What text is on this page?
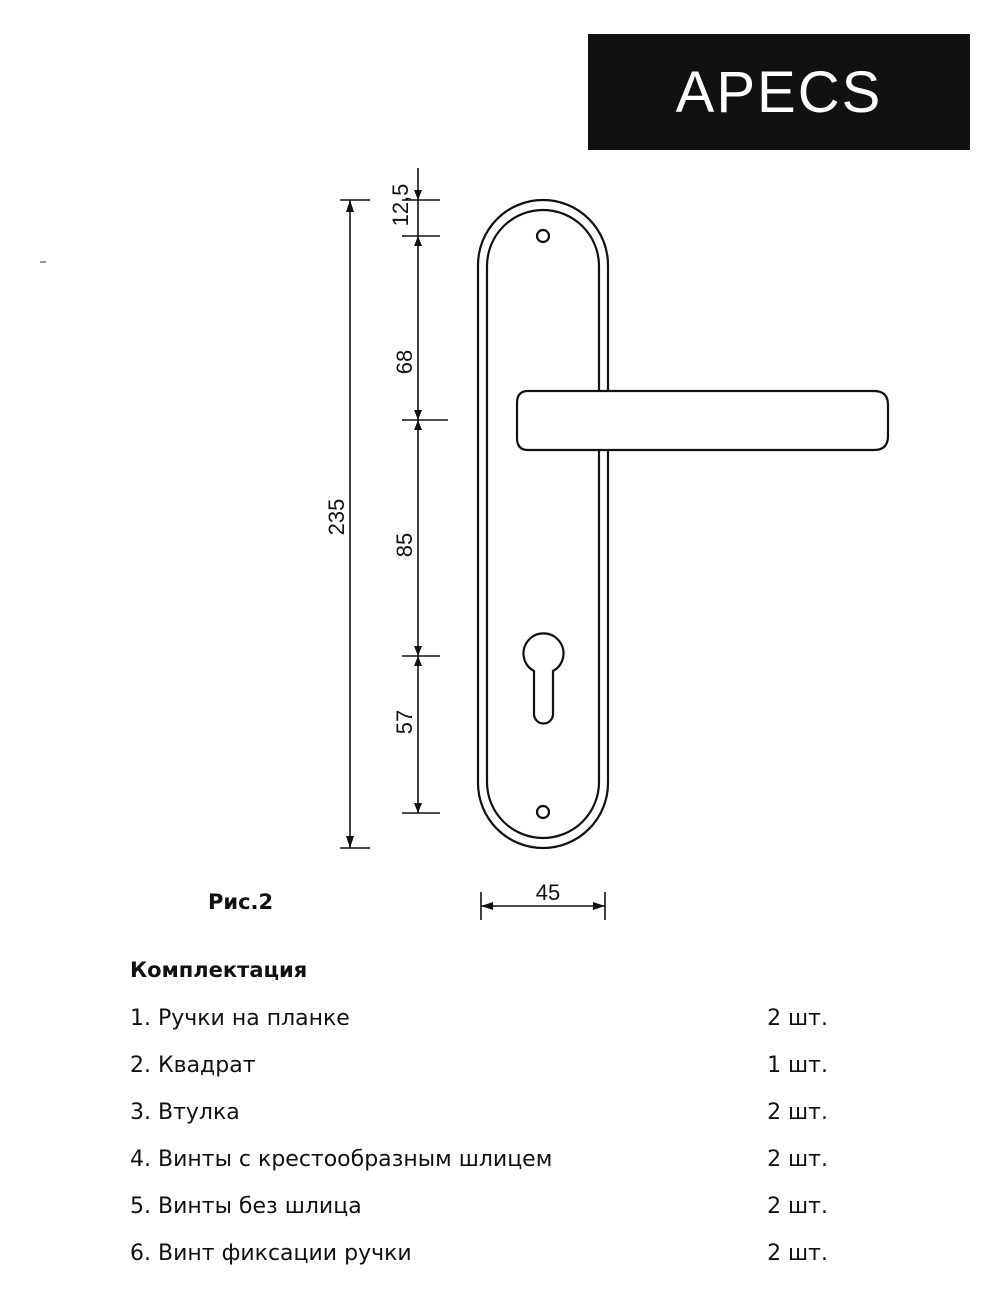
APECS
®
12,5
68
85
57
235
45
Рис.2
Комплектация
1. Ручки на планке	2 шт.
2. Квадрат	1 шт.
3. Втулка	2 шт.
4. Винты с крестообразным шлицем	2 шт.
5. Винты без шлица	2 шт.
6. Винт фиксации ручки	2 шт.
